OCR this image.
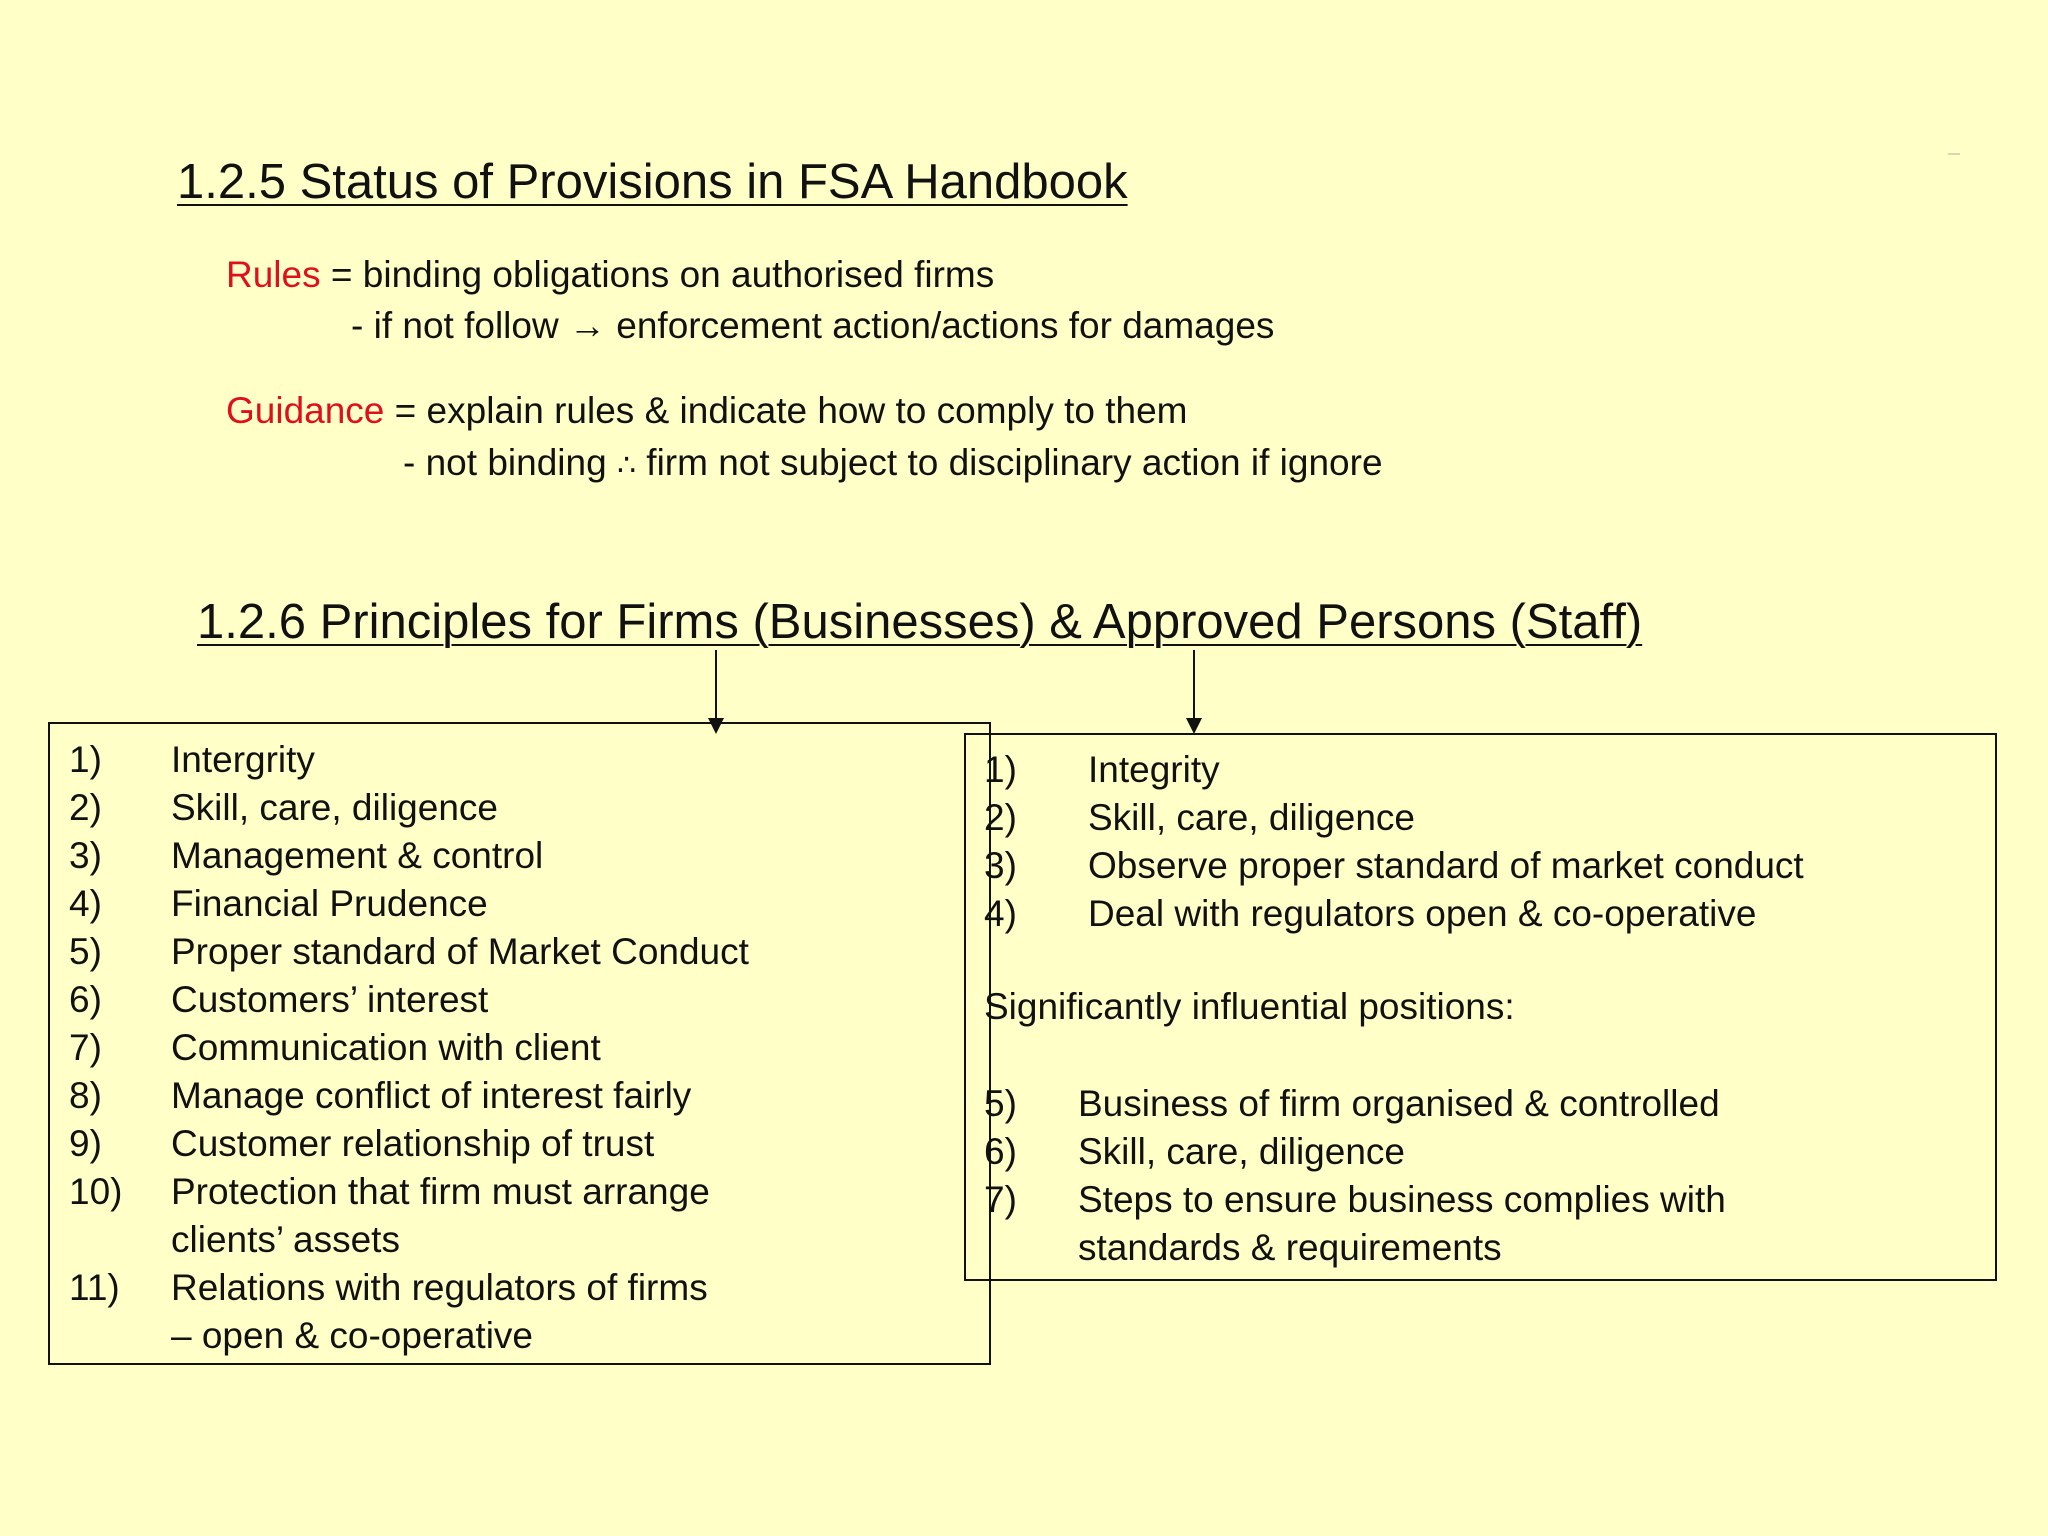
1.2.5 Status of Provisions in FSA Handbook
Rules = binding obligations on authorised firms
- if not follow → enforcement action/actions for damages
Guidance = explain rules & indicate how to comply to them
- not binding ∴ firm not subject to disciplinary action if ignore
1.2.6 Principles for Firms (Businesses) & Approved Persons (Staff)
1)	Intergrity
2)	Skill, care, diligence
3)	Management & control
4)	Financial Prudence
5)	Proper standard of Market Conduct
6)	Customers’ interest
7)	Communication with client
8)	Manage conflict of interest fairly
9)	Customer relationship of trust
10)	Protection that firm must arrange
clients’ assets
11)	Relations with regulators of firms
– open & co-operative
1)	Integrity
2)	Skill, care, diligence
3)	Observe proper standard of market conduct
4)	Deal with regulators open & co-operative
Significantly influential positions:
5)	Business of firm organised & controlled
6)	Skill, care, diligence
7)	Steps to ensure business complies with
standards & requirements
